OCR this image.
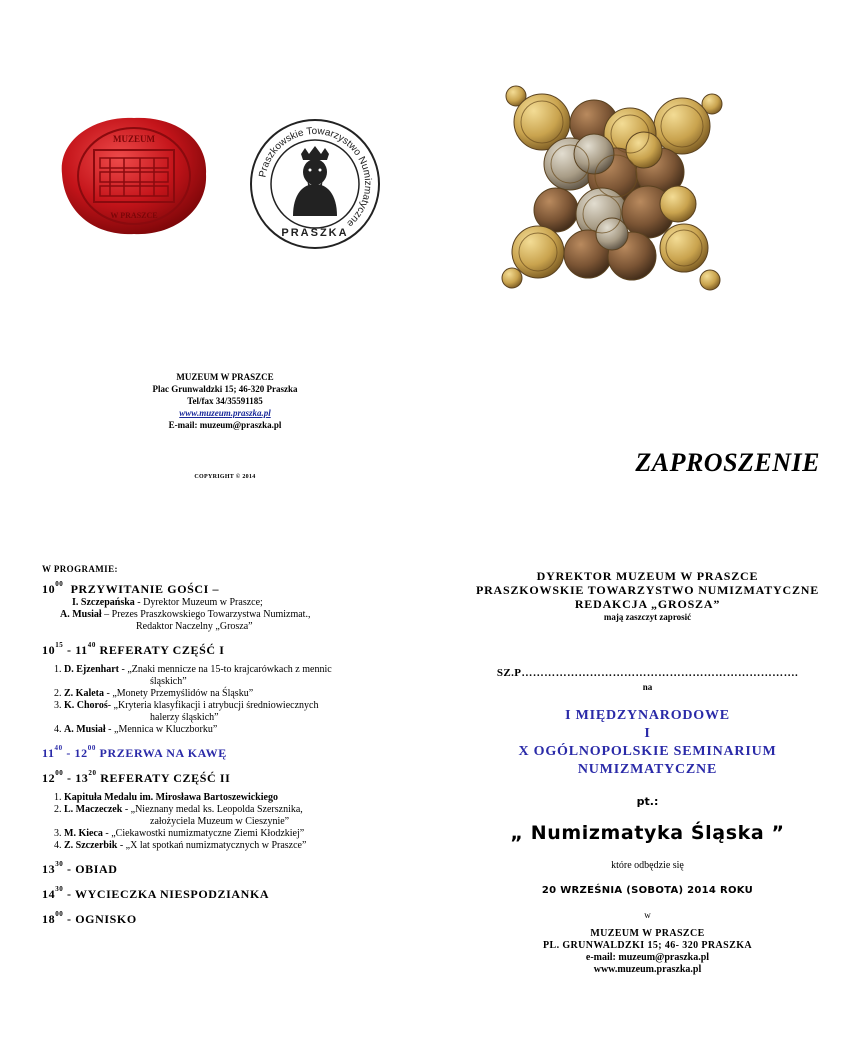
MUZEUM
W PRASZCE
Praszkowskie Towarzystwo Numizmatyczne
PRASZKA
MUZEUM W PRASZCE
Plac Grunwaldzki 15; 46-320 Praszka
Tel/fax 34/35591185
www.muzeum.praszka.pl
E-mail: muzeum@praszka.pl
COPYRIGHT © 2014	ZAPROSZENIE
W PROGRAMIE:
$10^{00}$ PRZYWITANIE GOŚCI –
I. Szczepańska - Dyrektor Muzeum w Praszce;
A. Musiał – Prezes Praszkowskiego Towarzystwa Numizmat.,
Redaktor Naczelny „Grosza”
$10^{15} - 11^{40}$ REFERATY CZĘŚĆ I
1. D. Ejzenhart - „Znaki mennicze na 15-to krajcarówkach z mennic
śląskich”
2. Z. Kaleta - „Monety Przemyślidów na Śląsku”
3. K. Choroś- „Kryteria klasyfikacji i atrybucji średniowiecznych
halerzy śląskich”
4. A. Musiał - „Mennica w Kluczborku”
$11^{40} - 12^{00}$ PRZERWA NA KAWĘ
$12^{00} - 13^{20}$ REFERATY CZĘŚĆ II
1. Kapituła Medalu im. Mirosława Bartoszewickiego
2. L. Maczeczek - „Nieznany medal ks. Leopolda Szersznika,
założyciela Muzeum w Cieszynie”
3. M. Kieca - „Ciekawostki numizmatyczne Ziemi Kłodzkiej”
4. Z. Szczerbik - „X lat spotkań numizmatycznych w Praszce”
$13^{30}$ - OBIAD
$14^{30}$ - WYCIECZKA NIESPODZIANKA
$18^{00}$ - OGNISKO
DYREKTOR MUZEUM W PRASZCE
PRASZKOWSKIE TOWARZYSTWO NUMIZMATYCZNE
REDAKCJA „GROSZA”
mają zaszczyt zaprosić
SZ.P……………………………………………………………….
na
I MIĘDZYNARODOWE
I
X OGÓLNOPOLSKIE SEMINARIUM
NUMIZMATYCZNE
pt.:
„ Numizmatyka Śląska ”
które odbędzie się
20 WRZEŚNIA (SOBOTA) 2014 ROKU
w
MUZEUM W PRASZCE
PL. GRUNWALDZKI 15; 46- 320 PRASZKA
e-mail: muzeum@praszka.pl
www.muzeum.praszka.pl
